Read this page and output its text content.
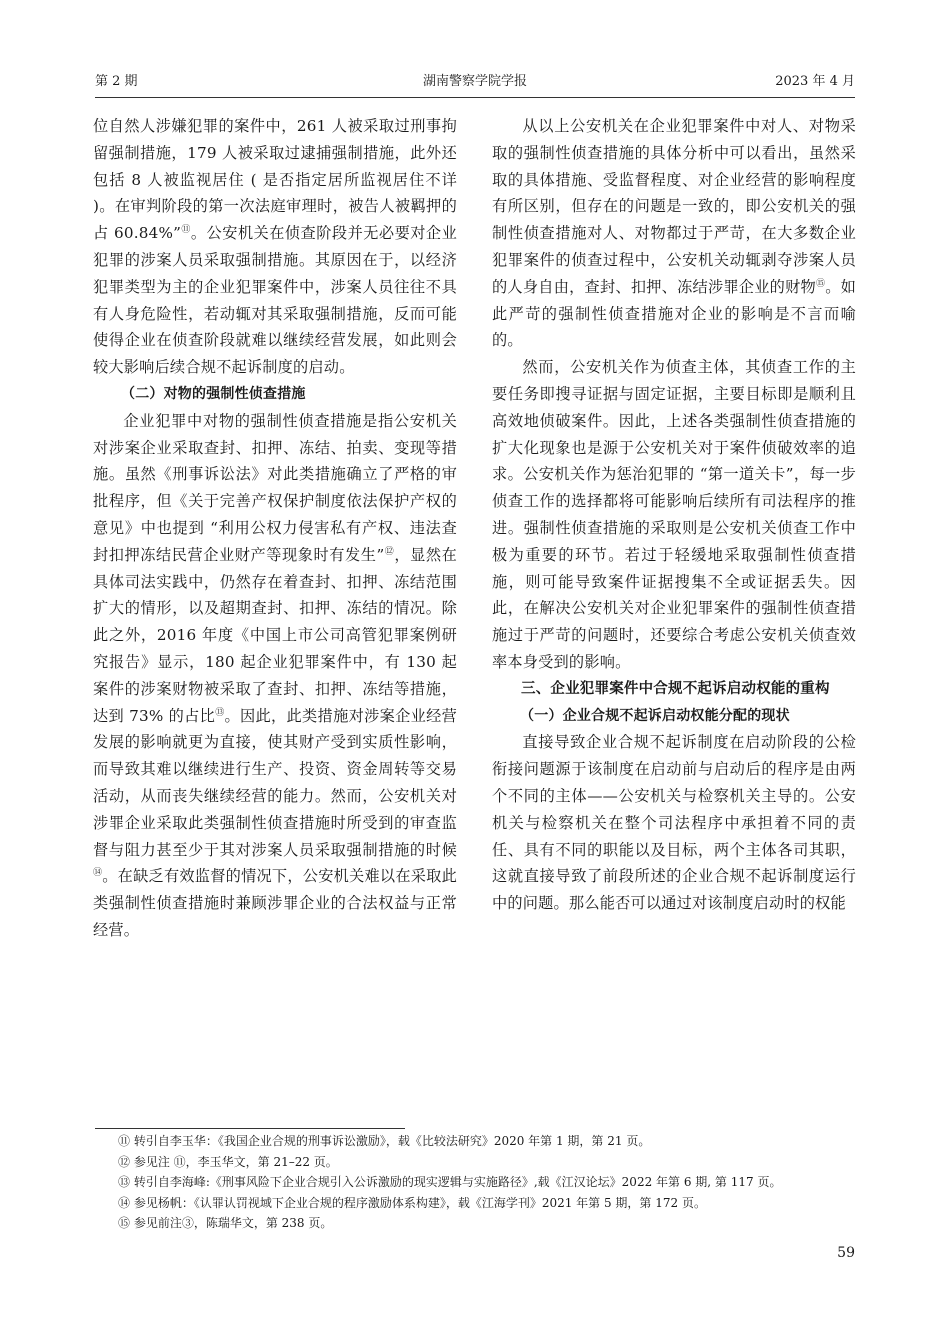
第 2 期	湖南警察学院学报	2023 年 4 月

位自然人涉嫌犯罪的案件中，261 人被采取过刑事拘留强制措施，179 人被采取过逮捕强制措施，此外还包括 8 人被监视居住 ( 是否指定居所监视居住不详 )。在审判阶段的第一次法庭审理时，被告人被羁押的占 60.84%”⑪。公安机关在侦查阶段并无必要对企业犯罪的涉案人员采取强制措施。其原因在于，以经济犯罪类型为主的企业犯罪案件中，涉案人员往往不具有人身危险性，若动辄对其采取强制措施，反而可能使得企业在侦查阶段就难以继续经营发展，如此则会较大影响后续合规不起诉制度的启动。

（二）对物的强制性侦查措施

企业犯罪中对物的强制性侦查措施是指公安机关对涉案企业采取查封、扣押、冻结、拍卖、变现等措施。虽然《刑事诉讼法》对此类措施确立了严格的审批程序，但《关于完善产权保护制度依法保护产权的意见》中也提到 “利用公权力侵害私有产权、违法查封扣押冻结民营企业财产等现象时有发生”⑫，显然在具体司法实践中，仍然存在着查封、扣押、冻结范围扩大的情形，以及超期查封、扣押、冻结的情况。除此之外，2016 年度《中国上市公司高管犯罪案例研究报告》显示，180 起企业犯罪案件中，有 130 起案件的涉案财物被采取了查封、扣押、冻结等措施，达到 73% 的占比⑬。因此，此类措施对涉案企业经营发展的影响就更为直接，使其财产受到实质性影响，而导致其难以继续进行生产、投资、资金周转等交易活动，从而丧失继续经营的能力。然而，公安机关对涉罪企业采取此类强制性侦查措施时所受到的审查监督与阻力甚至少于其对涉案人员采取强制措施的时候⑭。在缺乏有效监督的情况下，公安机关难以在采取此类强制性侦查措施时兼顾涉罪企业的合法权益与正常经营。

从以上公安机关在企业犯罪案件中对人、对物采取的强制性侦查措施的具体分析中可以看出，虽然采取的具体措施、受监督程度、对企业经营的影响程度有所区别，但存在的问题是一致的，即公安机关的强制性侦查措施对人、对物都过于严苛，在大多数企业犯罪案件的侦查过程中，公安机关动辄剥夺涉案人员的人身自由，查封、扣押、冻结涉罪企业的财物⑮。如此严苛的强制性侦查措施对企业的影响是不言而喻的。

然而，公安机关作为侦查主体，其侦查工作的主要任务即搜寻证据与固定证据，主要目标即是顺利且高效地侦破案件。因此，上述各类强制性侦查措施的扩大化现象也是源于公安机关对于案件侦破效率的追求。公安机关作为惩治犯罪的 “第一道关卡”，每一步侦查工作的选择都将可能影响后续所有司法程序的推进。强制性侦查措施的采取则是公安机关侦查工作中极为重要的环节。若过于轻缓地采取强制性侦查措施，则可能导致案件证据搜集不全或证据丢失。因此，在解决公安机关对企业犯罪案件的强制性侦查措施过于严苛的问题时，还要综合考虑公安机关侦查效率本身受到的影响。

三、企业犯罪案件中合规不起诉启动权能的重构

（一）企业合规不起诉启动权能分配的现状

直接导致企业合规不起诉制度在启动阶段的公检衔接问题源于该制度在启动前与启动后的程序是由两个不同的主体——公安机关与检察机关主导的。公安机关与检察机关在整个司法程序中承担着不同的责任、具有不同的职能以及目标，两个主体各司其职，这就直接导致了前段所述的企业合规不起诉制度运行中的问题。那么能否可以通过对该制度启动时的权能

⑪ 转引自李玉华：《我国企业合规的刑事诉讼激励》，载《比较法研究》2020 年第 1 期，第 21 页。
⑫ 参见注 ⑪，李玉华文，第 21–22 页。
⑬ 转引自李海峰:《刑事风险下企业合规引入公诉激励的现实逻辑与实施路径》,载《江汉论坛》2022 年第 6 期, 第 117 页。
⑭ 参见杨帆：《认罪认罚视域下企业合规的程序激励体系构建》，载《江海学刊》2021 年第 5 期，第 172 页。
⑮ 参见前注③，陈瑞华文，第 238 页。
59
